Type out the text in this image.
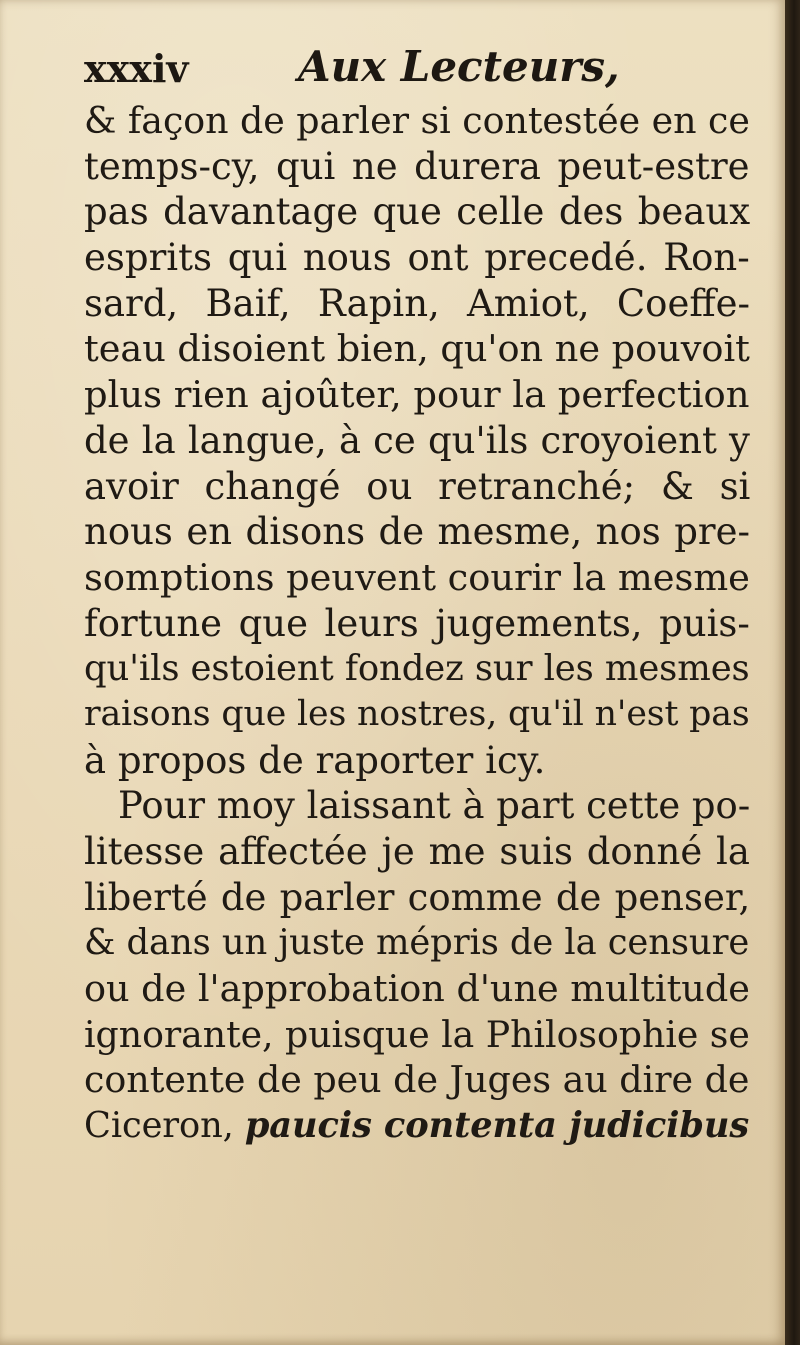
xxxiv	Aux Lecteurs,
& façon de parler si contestée en ce
temps-cy, qui ne durera peut-estre
pas davantage que celle des beaux
esprits qui nous ont precedé. Ron-
sard, Baif, Rapin, Amiot, Coeffe-
teau disoient bien, qu'on ne pouvoit
plus rien ajoûter, pour la perfection
de la langue, à ce qu'ils croyoient y
avoir changé ou retranché; & si
nous en disons de mesme, nos pre-
somptions peuvent courir la mesme
fortune que leurs jugements, puis-
qu'ils estoient fondez sur les mesmes
raisons que les nostres, qu'il n'est pas
à propos de raporter icy.
Pour moy laissant à part cette po-
litesse affectée je me suis donné la
liberté de parler comme de penser,
& dans un juste mépris de la censure
ou de l'approbation d'une multitude
ignorante, puisque la Philosophie se
contente de peu de Juges au dire de
Ciceron, paucis contenta judicibus
